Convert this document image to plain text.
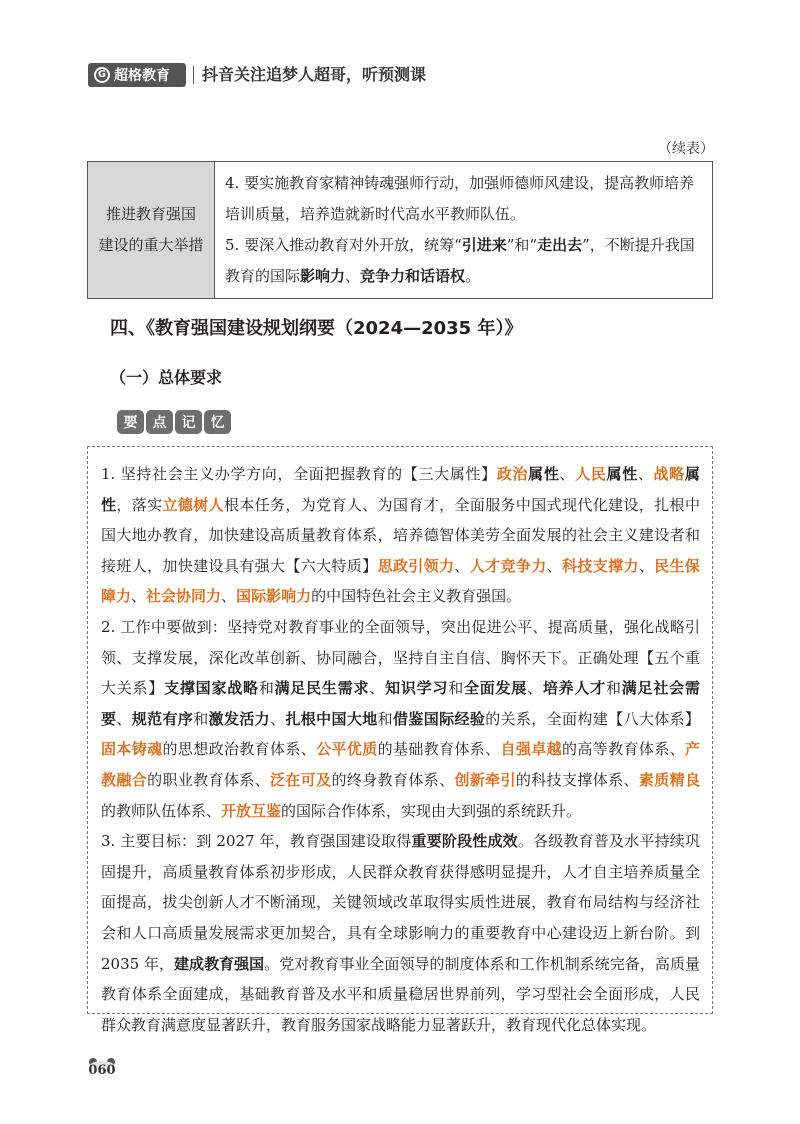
G 超格教育 抖音关注追梦人超哥，听预测课
（续表）
推进教育强国
建设的重大举措

4. 要实施教育家精神铸魂强师行动，加强师德师风建设，提高教师培养培训质量，培养造就新时代高水平教师队伍。
5. 要深入推动教育对外开放，统筹“引进来”和“走出去”，不断提升我国教育的国际影响力、竞争力和话语权。
四、《教育强国建设规划纲要（2024—2035 年）》
（一）总体要求
要	点	记	忆

1. 坚持社会主义办学方向，全面把握教育的【三大属性】政治属性、人民属性、战略属性，落实立德树人根本任务，为党育人、为国育才，全面服务中国式现代化建设，扎根中国大地办教育，加快建设高质量教育体系，培养德智体美劳全面发展的社会主义建设者和接班人，加快建设具有强大【六大特质】思政引领力、人才竞争力、科技支撑力、民生保障力、社会协同力、国际影响力的中国特色社会主义教育强国。

2. 工作中要做到：坚持党对教育事业的全面领导，突出促进公平、提高质量，强化战略引领、支撑发展，深化改革创新、协同融合，坚持自主自信、胸怀天下。正确处理【五个重大关系】支撑国家战略和满足民生需求、知识学习和全面发展、培养人才和满足社会需要、规范有序和激发活力、扎根中国大地和借鉴国际经验的关系，全面构建【八大体系】固本铸魂的思想政治教育体系、公平优质的基础教育体系、自强卓越的高等教育体系、产教融合的职业教育体系、泛在可及的终身教育体系、创新牵引的科技支撑体系、素质精良的教师队伍体系、开放互鉴的国际合作体系，实现由大到强的系统跃升。

3. 主要目标：到 2027 年，教育强国建设取得重要阶段性成效。各级教育普及水平持续巩固提升，高质量教育体系初步形成，人民群众教育获得感明显提升，人才自主培养质量全面提高，拔尖创新人才不断涌现，关键领域改革取得实质性进展，教育布局结构与经济社会和人口高质量发展需求更加契合，具有全球影响力的重要教育中心建设迈上新台阶。到 2035 年，建成教育强国。党对教育事业全面领导的制度体系和工作机制系统完备，高质量教育体系全面建成，基础教育普及水平和质量稳居世界前列，学习型社会全面形成，人民群众教育满意度显著跃升，教育服务国家战略能力显著跃升，教育现代化总体实现。

060
